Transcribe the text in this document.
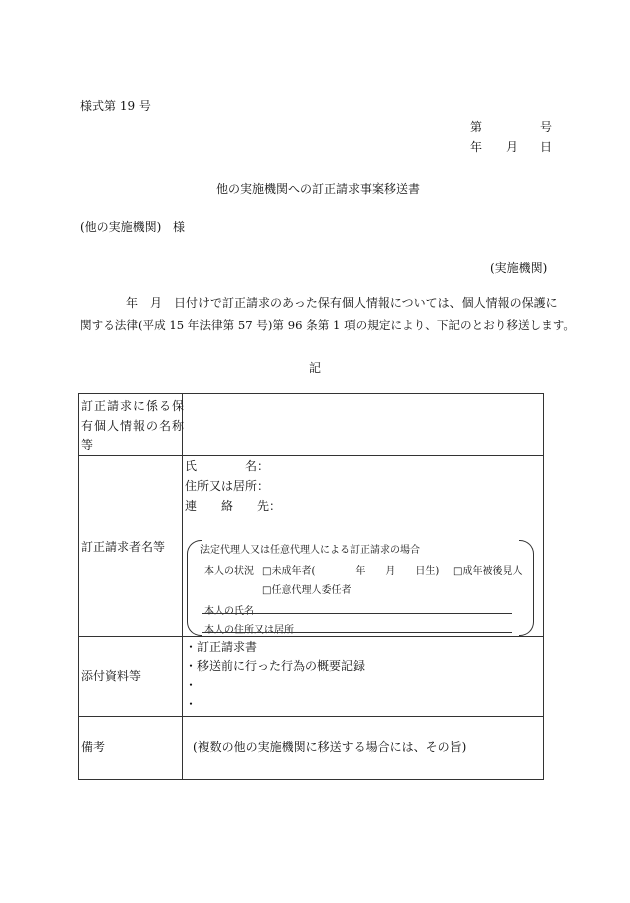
様式第 19 号
第	号
年 月 日
他の実施機関への訂正請求事案移送書
(他の実施機関) 様
(実施機関)
年　月　日付けで訂正請求のあった保有個人情報については、個人情報の保護に
関する法律(平成 15 年法律第 57 号)第 96 条第 1 項の規定により、下記のとおり移送します。
記
訂正請求に係る保
有個人情報の名称
等
訂正請求者名等
氏　　　　名：
住所又は居所：
連　　絡　　先：
法定代理人又は任意代理人による訂正請求の場合
本人の状況 □未成年者(　　　　年　　月　　日生) □成年被後見人
□任意代理人委任者
本人の氏名
本人の住所又は居所
添付資料等
・訂正請求書
・移送前に行った行為の概要記録
・
・
備考	(複数の他の実施機関に移送する場合には、その旨)
